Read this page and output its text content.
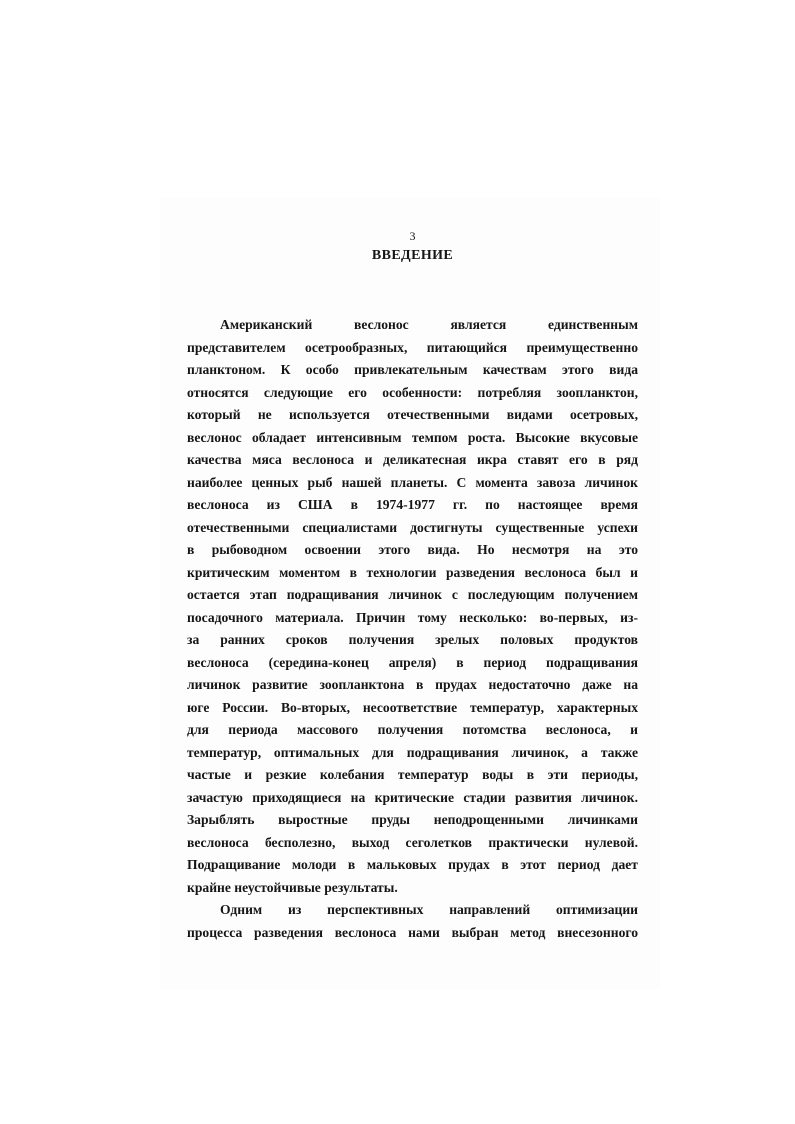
3
ВВЕДЕНИЕ
Американский веслонос является единственным
представителем осетрообразных, питающийся преимущественно
планктоном. К особо привлекательным качествам этого вида
относятся следующие его особенности: потребляя зоопланктон,
который не используется отечественными видами осетровых,
веслонос обладает интенсивным темпом роста. Высокие вкусовые
качества мяса веслоноса и деликатесная икра ставят его в ряд
наиболее ценных рыб нашей планеты. С момента завоза личинок
веслоноса из США в 1974-1977 гг. по настоящее время
отечественными специалистами достигнуты существенные успехи
в рыбоводном освоении этого вида. Но несмотря на это
критическим моментом в технологии разведения веслоноса был и
остается этап подращивания личинок с последующим получением
посадочного материала. Причин тому несколько: во-первых, из-
за ранних сроков получения зрелых половых продуктов
веслоноса (середина-конец апреля) в период подращивания
личинок развитие зоопланктона в прудах недостаточно даже на
юге России. Во-вторых, несоответствие температур, характерных
для периода массового получения потомства веслоноса, и
температур, оптимальных для подращивания личинок, а также
частые и резкие колебания температур воды в эти периоды,
зачастую приходящиеся на критические стадии развития личинок.
Зарыблять выростные пруды неподрощенными личинками
веслоноса бесполезно, выход сеголетков практически нулевой.
Подращивание молоди в мальковых прудах в этот период дает
крайне неустойчивые результаты.
Одним из перспективных направлений оптимизации
процесса разведения веслоноса нами выбран метод внесезонного
